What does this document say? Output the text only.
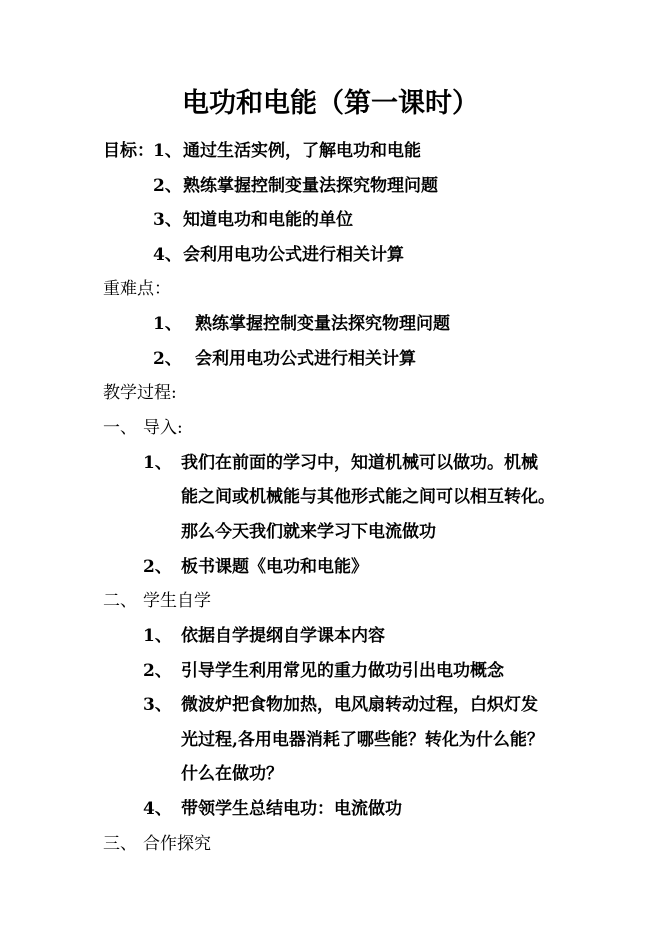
电功和电能（第一课时）
目标： 1、 通过生活实例，了解电功和电能
2、 熟练掌握控制变量法探究物理问题
3、 知道电功和电能的单位
4、 会利用电功公式进行相关计算
重难点：
1、 熟练掌握控制变量法探究物理问题
2、 会利用电功公式进行相关计算
教学过程:
一、 导入:
1、 我们在前面的学习中，知道机械可以做功。机械
能之间或机械能与其他形式能之间可以相互转化。
那么今天我们就来学习下电流做功
2、 板书课题《电功和电能》
二、 学生自学
1、 依据自学提纲自学课本内容
2、 引导学生利用常见的重力做功引出电功概念
3、 微波炉把食物加热，电风扇转动过程，白炽灯发
光过程,各用电器消耗了哪些能？转化为什么能？
什么在做功？
4、 带领学生总结电功：电流做功
三、 合作探究
